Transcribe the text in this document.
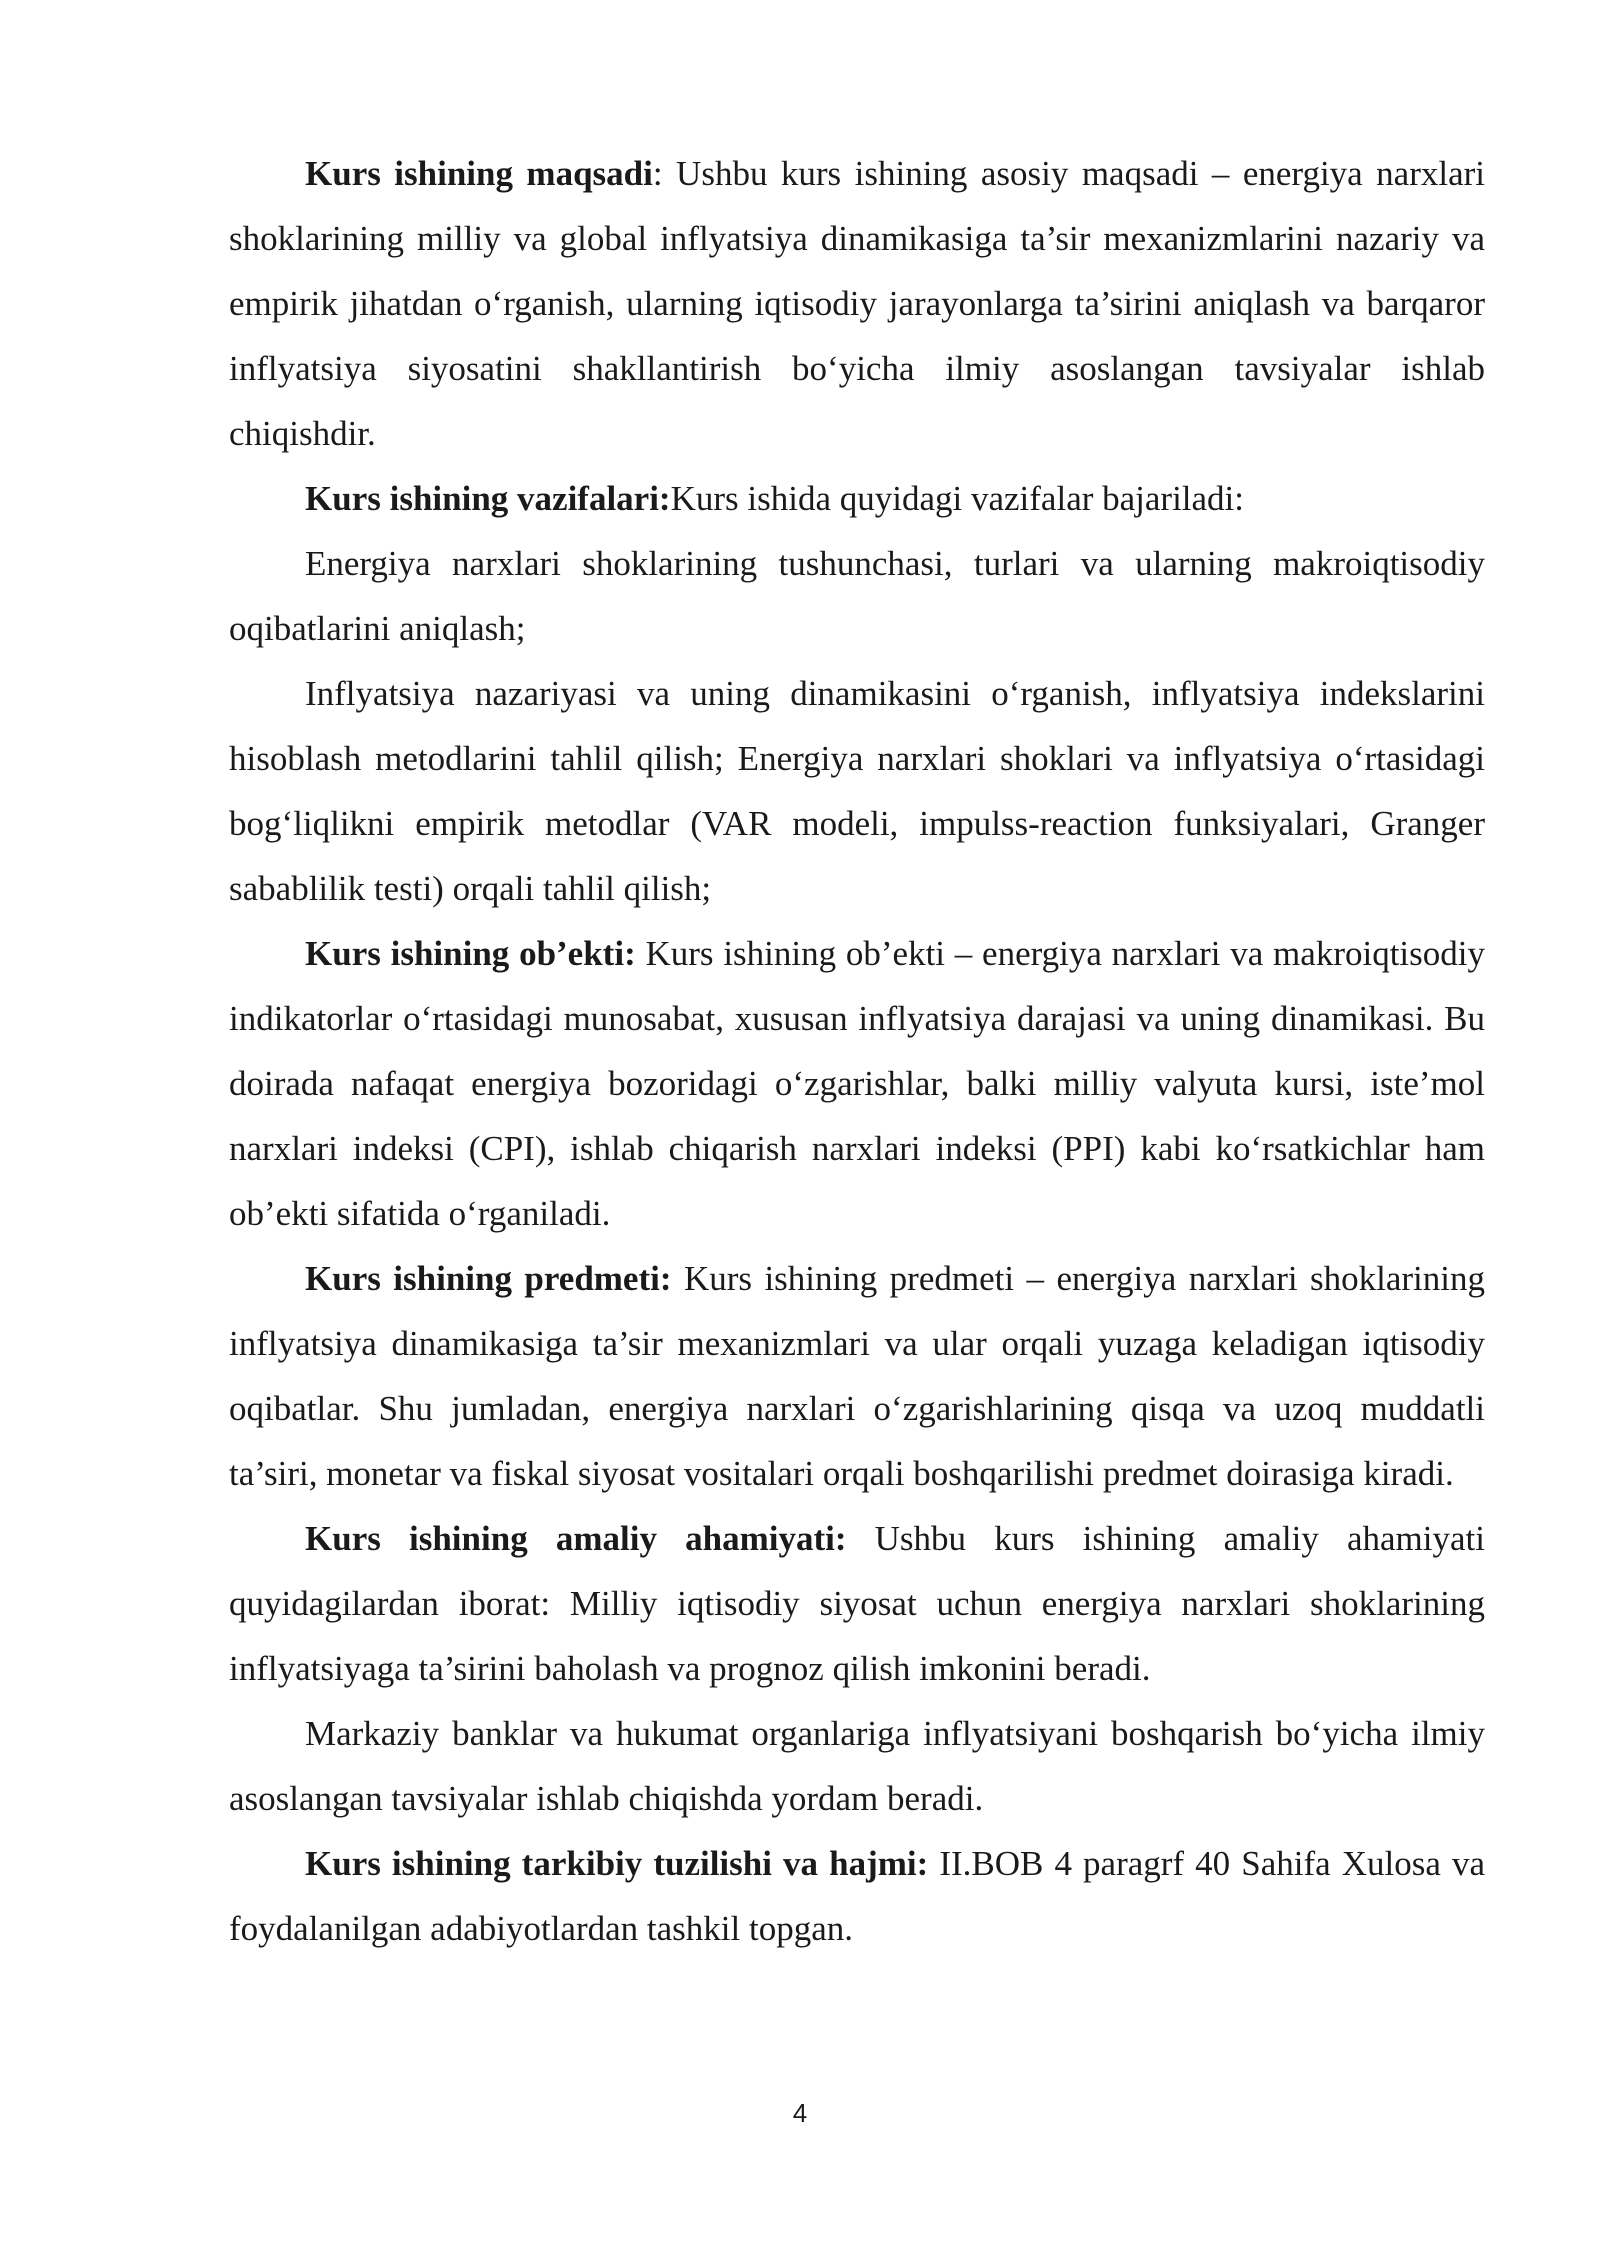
Kurs ishining maqsadi: Ushbu kurs ishining asosiy maqsadi – energiya narxlari shoklarining milliy va global inflyatsiya dinamikasiga ta’sir mexanizmlarini nazariy va empirik jihatdan o‘rganish, ularning iqtisodiy jarayonlarga ta’sirini aniqlash va barqaror inflyatsiya siyosatini shakllantirish bo‘yicha ilmiy asoslangan tavsiyalar ishlab chiqishdir.

Kurs ishining vazifalari:Kurs ishida quyidagi vazifalar bajariladi:

Energiya narxlari shoklarining tushunchasi, turlari va ularning makroiqtisodiy oqibatlarini aniqlash;

Inflyatsiya nazariyasi va uning dinamikasini o‘rganish, inflyatsiya indekslarini hisoblash metodlarini tahlil qilish; Energiya narxlari shoklari va inflyatsiya o‘rtasidagi bog‘liqlikni empirik metodlar (VAR modeli, impulss-reaction funksiyalari, Granger sabablilik testi) orqali tahlil qilish;

Kurs ishining ob’ekti: Kurs ishining ob’ekti – energiya narxlari va makroiqtisodiy indikatorlar o‘rtasidagi munosabat, xususan inflyatsiya darajasi va uning dinamikasi. Bu doirada nafaqat energiya bozoridagi o‘zgarishlar, balki milliy valyuta kursi, iste’mol narxlari indeksi (CPI), ishlab chiqarish narxlari indeksi (PPI) kabi ko‘rsatkichlar ham ob’ekti sifatida o‘rganiladi.

Kurs ishining predmeti: Kurs ishining predmeti – energiya narxlari shoklarining inflyatsiya dinamikasiga ta’sir mexanizmlari va ular orqali yuzaga keladigan iqtisodiy oqibatlar. Shu jumladan, energiya narxlari o‘zgarishlarining qisqa va uzoq muddatli ta’siri, monetar va fiskal siyosat vositalari orqali boshqarilishi predmet doirasiga kiradi.

Kurs ishining amaliy ahamiyati: Ushbu kurs ishining amaliy ahamiyati quyidagilardan iborat: Milliy iqtisodiy siyosat uchun energiya narxlari shoklarining inflyatsiyaga ta’sirini baholash va prognoz qilish imkonini beradi.

Markaziy banklar va hukumat organlariga inflyatsiyani boshqarish bo‘yicha ilmiy asoslangan tavsiyalar ishlab chiqishda yordam beradi.

Kurs ishining tarkibiy tuzilishi va hajmi: II.BOB 4 paragrf 40 Sahifa Xulosa va foydalanilgan adabiyotlardan tashkil topgan.

4
